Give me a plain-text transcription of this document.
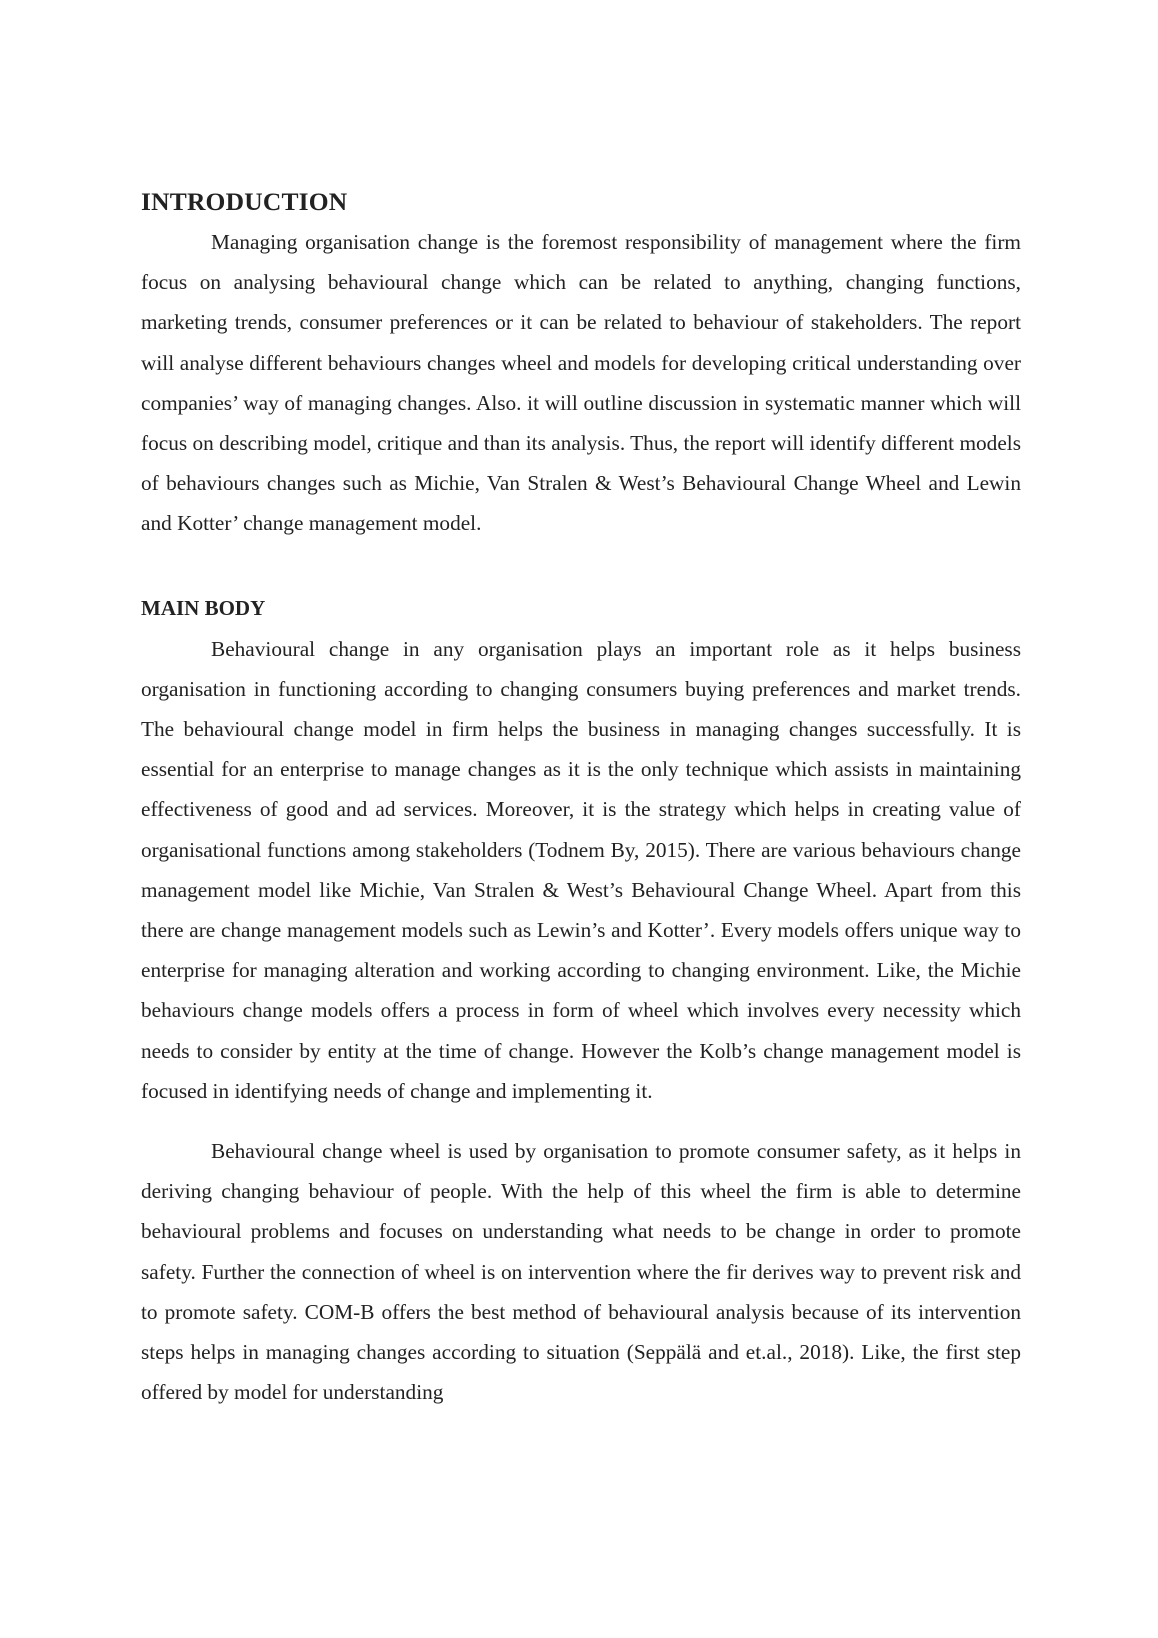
INTRODUCTION

Managing organisation change is the foremost responsibility of management where the firm focus on analysing behavioural change which can be related to anything, changing functions, marketing trends, consumer preferences or it can be related to behaviour of stakeholders. The report will analyse different behaviours changes wheel and models for developing critical understanding over companies’ way of managing changes. Also. it will outline discussion in systematic manner which will focus on describing model, critique and than its analysis. Thus, the report will identify different models of behaviours changes such as Michie, Van Stralen & West’s Behavioural Change Wheel and Lewin and Kotter’ change management model.

MAIN BODY

Behavioural change in any organisation plays an important role as it helps business organisation in functioning according to changing consumers buying preferences and market trends. The behavioural change model in firm helps the business in managing changes successfully. It is essential for an enterprise to manage changes as it is the only technique which assists in maintaining effectiveness of good and ad services. Moreover, it is the strategy which helps in creating value of organisational functions among stakeholders (Todnem By, 2015). There are various behaviours change management model like Michie, Van Stralen & West’s Behavioural Change Wheel. Apart from this there are change management models such as Lewin’s and Kotter’. Every models offers unique way to enterprise for managing alteration and working according to changing environment. Like, the Michie behaviours change models offers a process in form of wheel which involves every necessity which needs to consider by entity at the time of change. However the Kolb’s change management model is focused in identifying needs of change and implementing it.

Behavioural change wheel is used by organisation to promote consumer safety, as it helps in deriving changing behaviour of people. With the help of this wheel the firm is able to determine behavioural problems and focuses on understanding what needs to be change in order to promote safety. Further the connection of wheel is on intervention where the fir derives way to prevent risk and to promote safety. COM-B offers the best method of behavioural analysis because of its intervention steps helps in managing changes according to situation (Seppälä and et.al., 2018). Like, the first step offered by model for understanding
